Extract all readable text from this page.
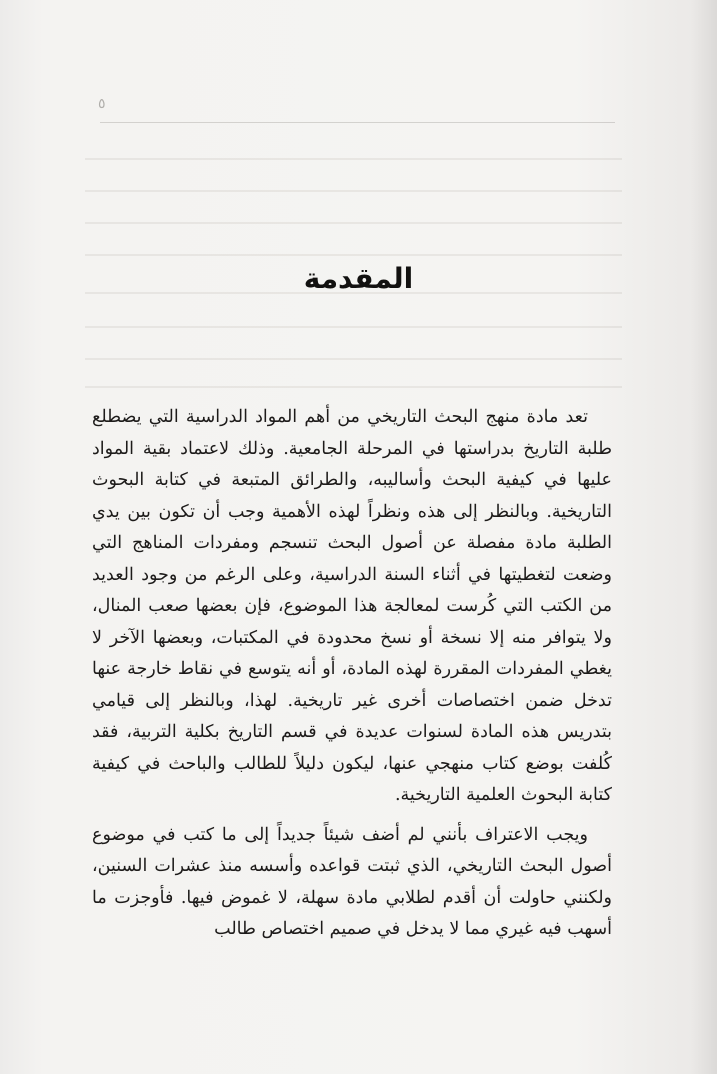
٥

المقدمة

تعد مادة منهج البحث التاريخي من أهم المواد الدراسية التي يضطلع طلبة التاريخ بدراستها في المرحلة الجامعية. وذلك لاعتماد بقية المواد عليها في كيفية البحث وأساليبه، والطرائق المتبعة في كتابة البحوث التاريخية. وبالنظر إلى هذه ونظراً لهذه الأهمية وجب أن تكون بين يدي الطلبة مادة مفصلة عن أصول البحث تنسجم ومفردات المناهج التي وضعت لتغطيتها في أثناء السنة الدراسية، وعلى الرغم من وجود العديد من الكتب التي كُرست لمعالجة هذا الموضوع، فإن بعضها صعب المنال، ولا يتوافر منه إلا نسخة أو نسخ محدودة في المكتبات، وبعضها الآخر لا يغطي المفردات المقررة لهذه المادة، أو أنه يتوسع في نقاط خارجة عنها تدخل ضمن اختصاصات أخرى غير تاريخية. لهذا، وبالنظر إلى قيامي بتدريس هذه المادة لسنوات عديدة في قسم التاريخ بكلية التربية، فقد كُلفت بوضع كتاب منهجي عنها، ليكون دليلاً للطالب والباحث في كيفية كتابة البحوث العلمية التاريخية.

ويجب الاعتراف بأنني لم أضف شيئاً جديداً إلى ما كتب في موضوع أصول البحث التاريخي، الذي ثبتت قواعده وأسسه منذ عشرات السنين، ولكنني حاولت أن أقدم لطلابي مادة سهلة، لا غموض فيها. فأوجزت ما أسهب فيه غيري مما لا يدخل في صميم اختصاص طالب
